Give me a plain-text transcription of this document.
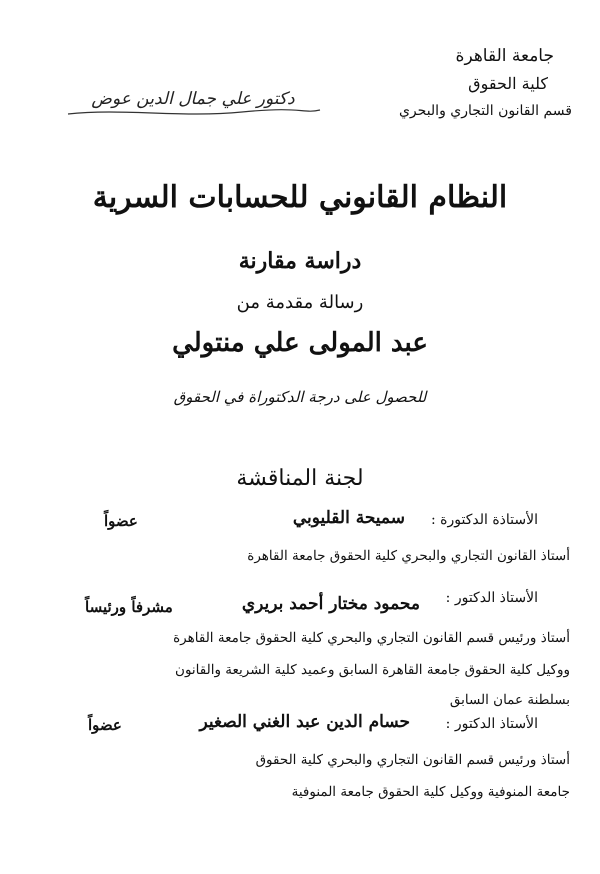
جامعة القاهرة
كلية الحقوق
قسم القانون التجاري والبحري
دكتور علي جمال الدين عوض
النظام القانوني للحسابات السرية
دراسة مقارنة
رسالة مقدمة من
عبد المولى علي منتولي
للحصول على درجة الدكتوراة في الحقوق
لجنة المناقشة
الأستاذة الدكتورة :
سميحة القليوبي
عضواً
أستاذ القانون التجاري والبحري كلية الحقوق جامعة القاهرة
الأستاذ الدكتور :
محمود مختار أحمد بريري
مشرفاً ورئيساً
أستاذ ورئيس قسم القانون التجاري والبحري كلية الحقوق جامعة القاهرة
ووكيل كلية الحقوق جامعة القاهرة السابق وعميد كلية الشريعة والقانون
بسلطنة عمان السابق
الأستاذ الدكتور :
حسام الدين عبد الغني الصغير
عضواً
أستاذ ورئيس قسم القانون التجاري والبحري كلية الحقوق
جامعة المنوفية ووكيل كلية الحقوق جامعة المنوفية
